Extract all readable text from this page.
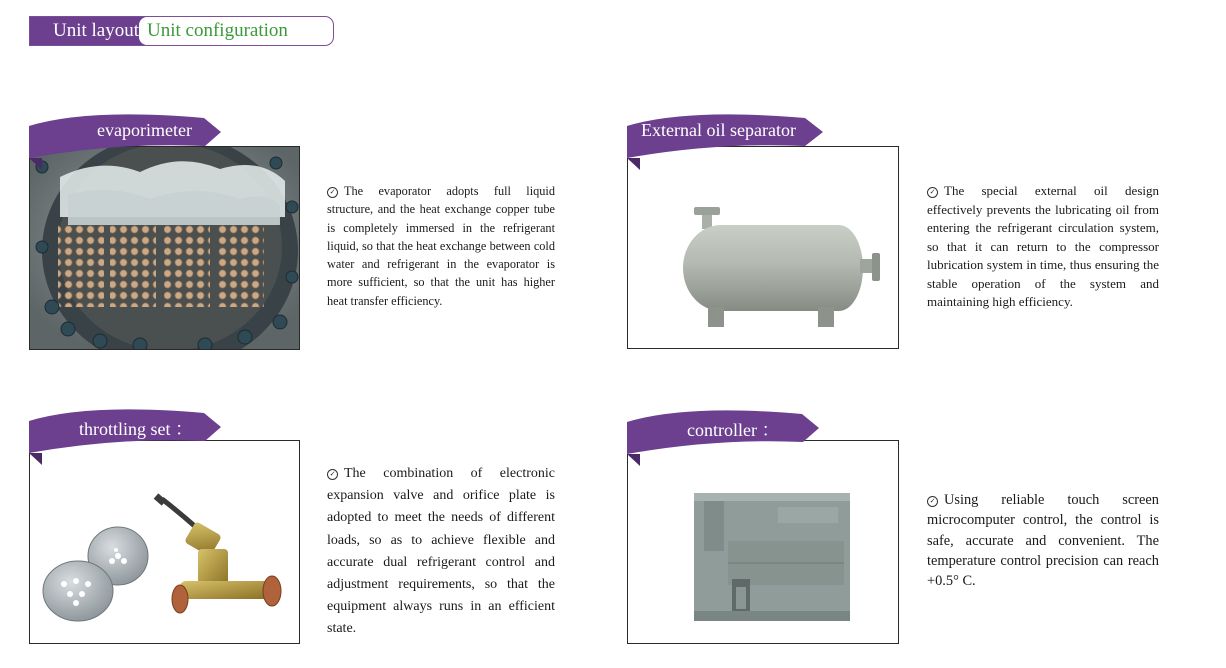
Unit layout Unit configuration
evaporimeter
✓ The evaporator adopts full liquid structure, and the heat exchange copper tube is completely immersed in the refrigerant liquid, so that the heat exchange between cold water and refrigerant in the evaporator is more sufficient, so that the unit has higher heat transfer efficiency.
External oil separator
✓ The special external oil design effectively prevents the lubricating oil from entering the refrigerant circulation system, so that it can return to the compressor lubrication system in time, thus ensuring the stable operation of the system and maintaining high efficiency.
throttling set ：
✓ The combination of electronic expansion valve and orifice plate is adopted to meet the needs of different loads, so as to achieve flexible and accurate dual refrigerant control and adjustment requirements, so that the equipment always runs in an efficient state.
controller ：
✓ Using reliable touch screen microcomputer control, the control is safe, accurate and convenient. The temperature control precision can reach +0.5° C.
